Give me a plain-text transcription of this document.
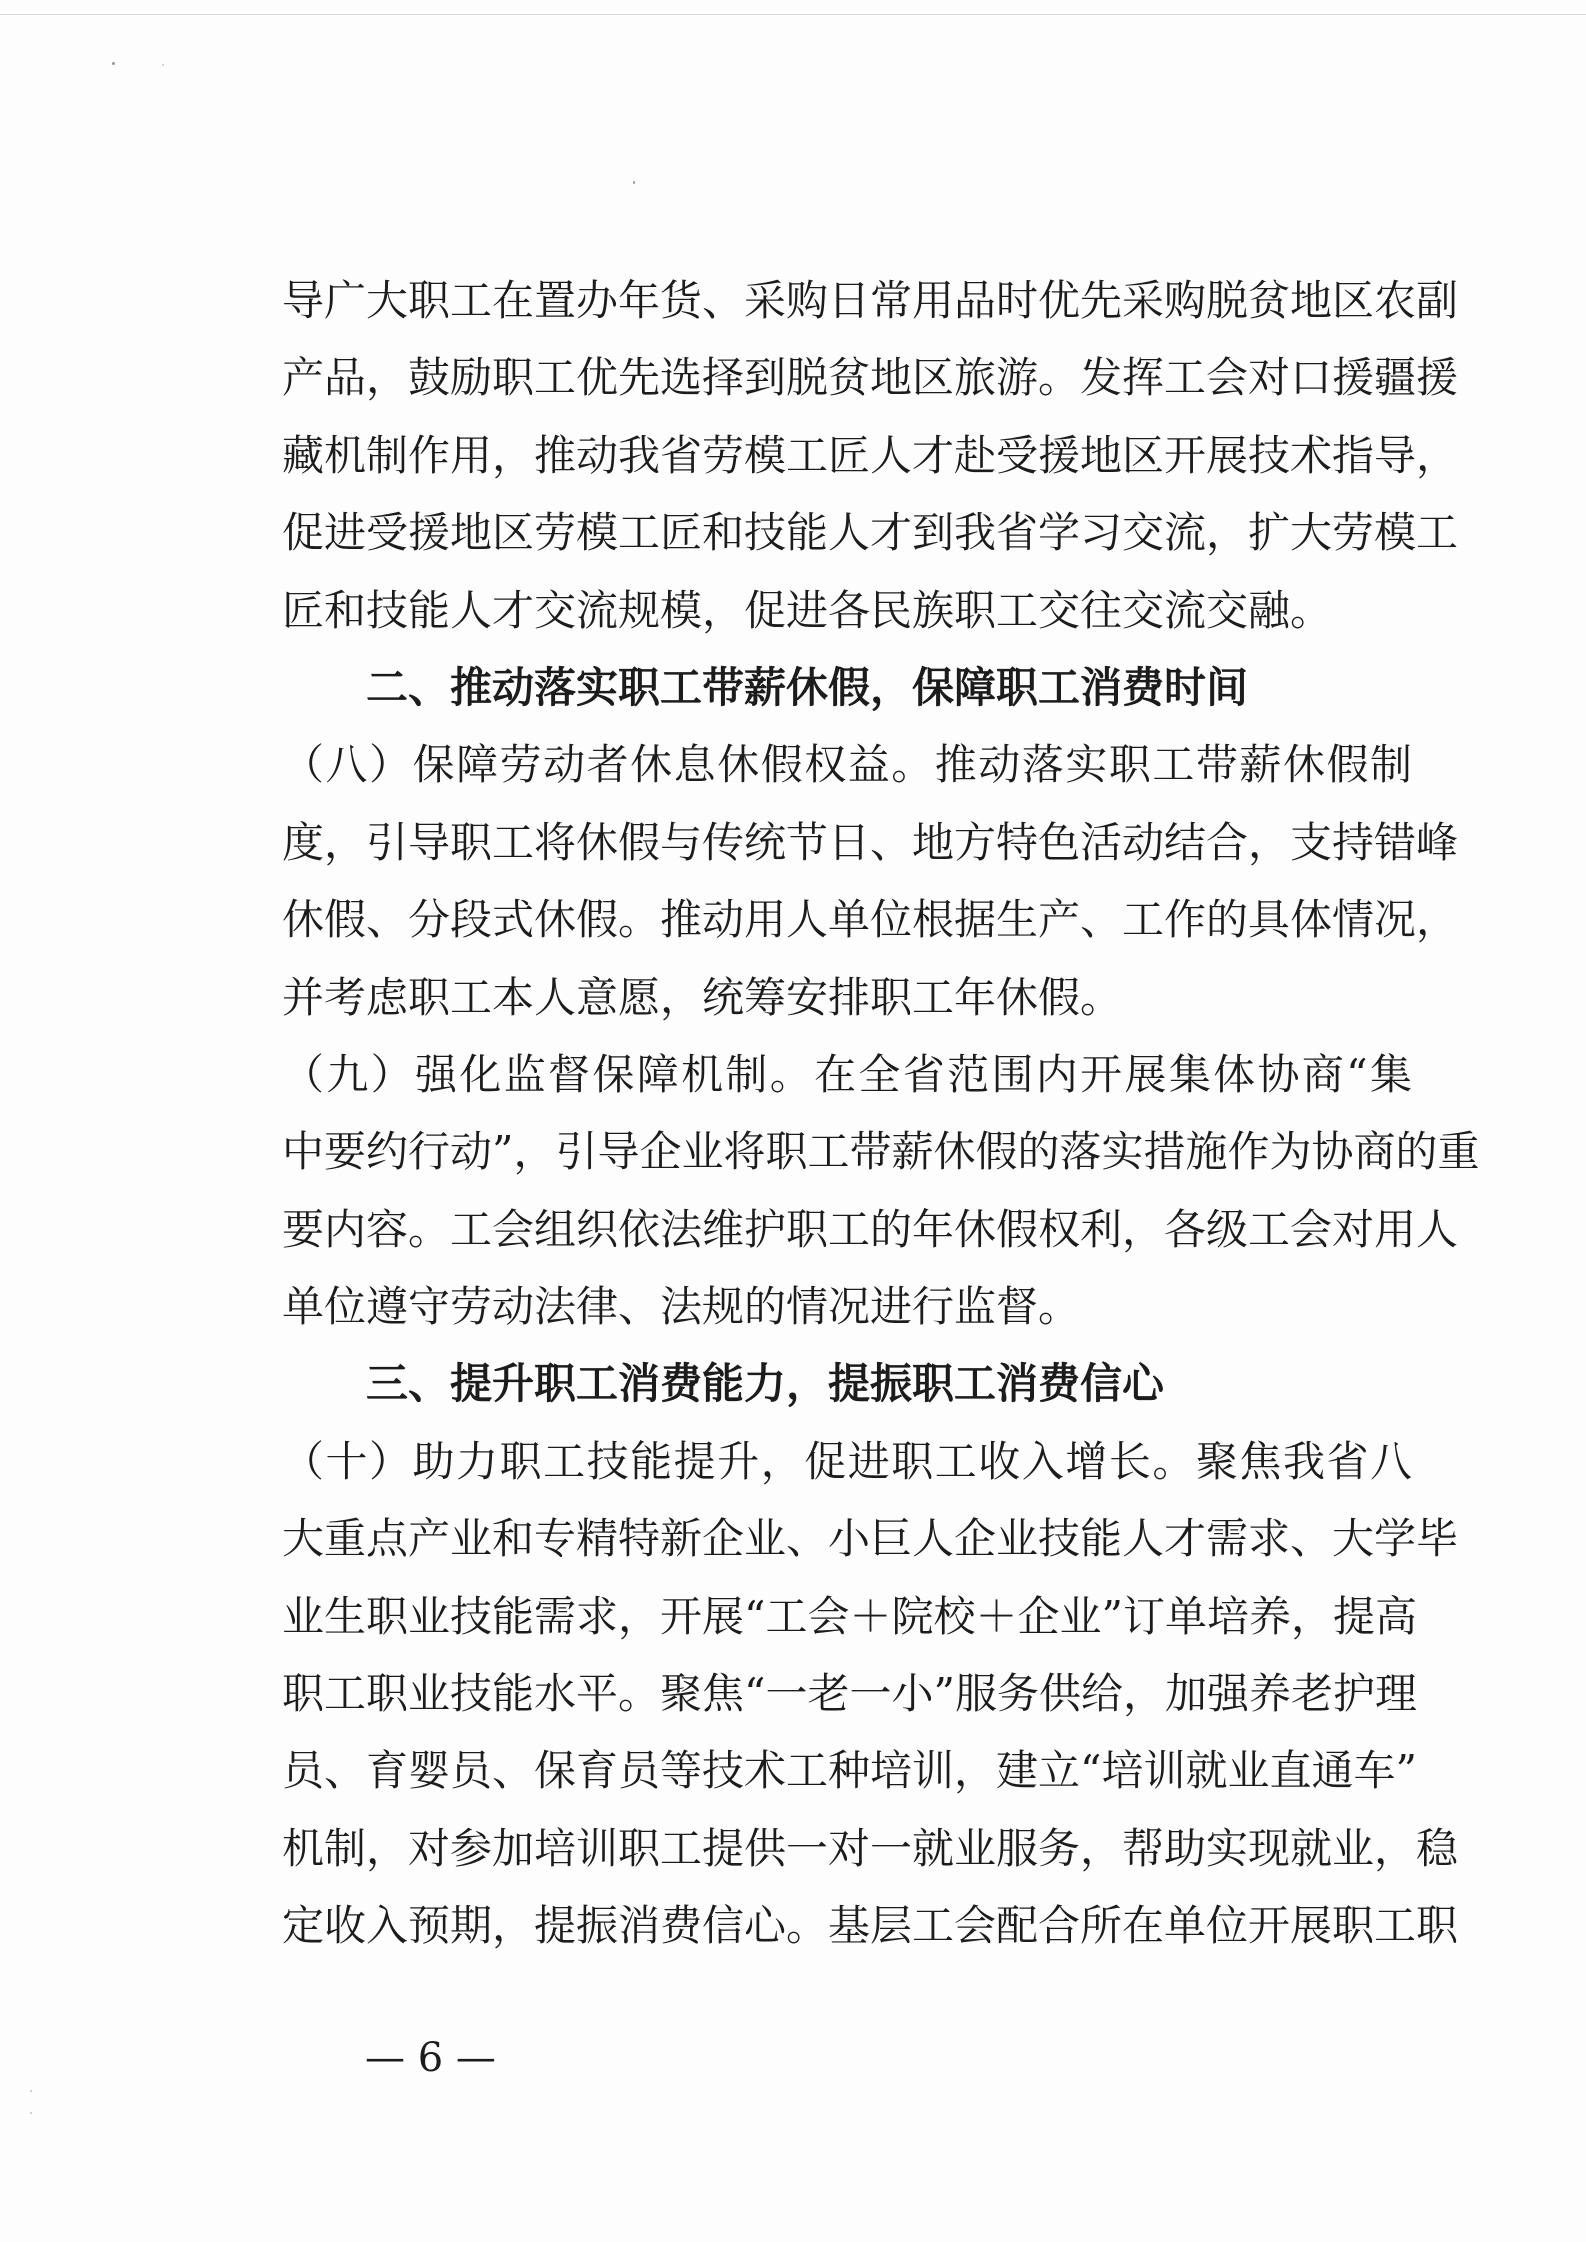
导广大职工在置办年货、采购日常用品时优先采购脱贫地区农副
产品，鼓励职工优先选择到脱贫地区旅游。发挥工会对口援疆援
藏机制作用，推动我省劳模工匠人才赴受援地区开展技术指导，
促进受援地区劳模工匠和技能人才到我省学习交流，扩大劳模工
匠和技能人才交流规模，促进各民族职工交往交流交融。
二、推动落实职工带薪休假，保障职工消费时间
（八）保障劳动者休息休假权益。推动落实职工带薪休假制
度，引导职工将休假与传统节日、地方特色活动结合，支持错峰
休假、分段式休假。推动用人单位根据生产、工作的具体情况，
并考虑职工本人意愿，统筹安排职工年休假。
（九）强化监督保障机制。在全省范围内开展集体协商“集
中要约行动”，引导企业将职工带薪休假的落实措施作为协商的重
要内容。工会组织依法维护职工的年休假权利，各级工会对用人
单位遵守劳动法律、法规的情况进行监督。
三、提升职工消费能力，提振职工消费信心
（十）助力职工技能提升，促进职工收入增长。聚焦我省八
大重点产业和专精特新企业、小巨人企业技能人才需求、大学毕
业生职业技能需求，开展“工会＋院校＋企业”订单培养，提高
职工职业技能水平。聚焦“一老一小”服务供给，加强养老护理
员、育婴员、保育员等技术工种培训，建立“培训就业直通车”
机制，对参加培训职工提供一对一就业服务，帮助实现就业，稳
定收入预期，提振消费信心。基层工会配合所在单位开展职工职
— 6 —
